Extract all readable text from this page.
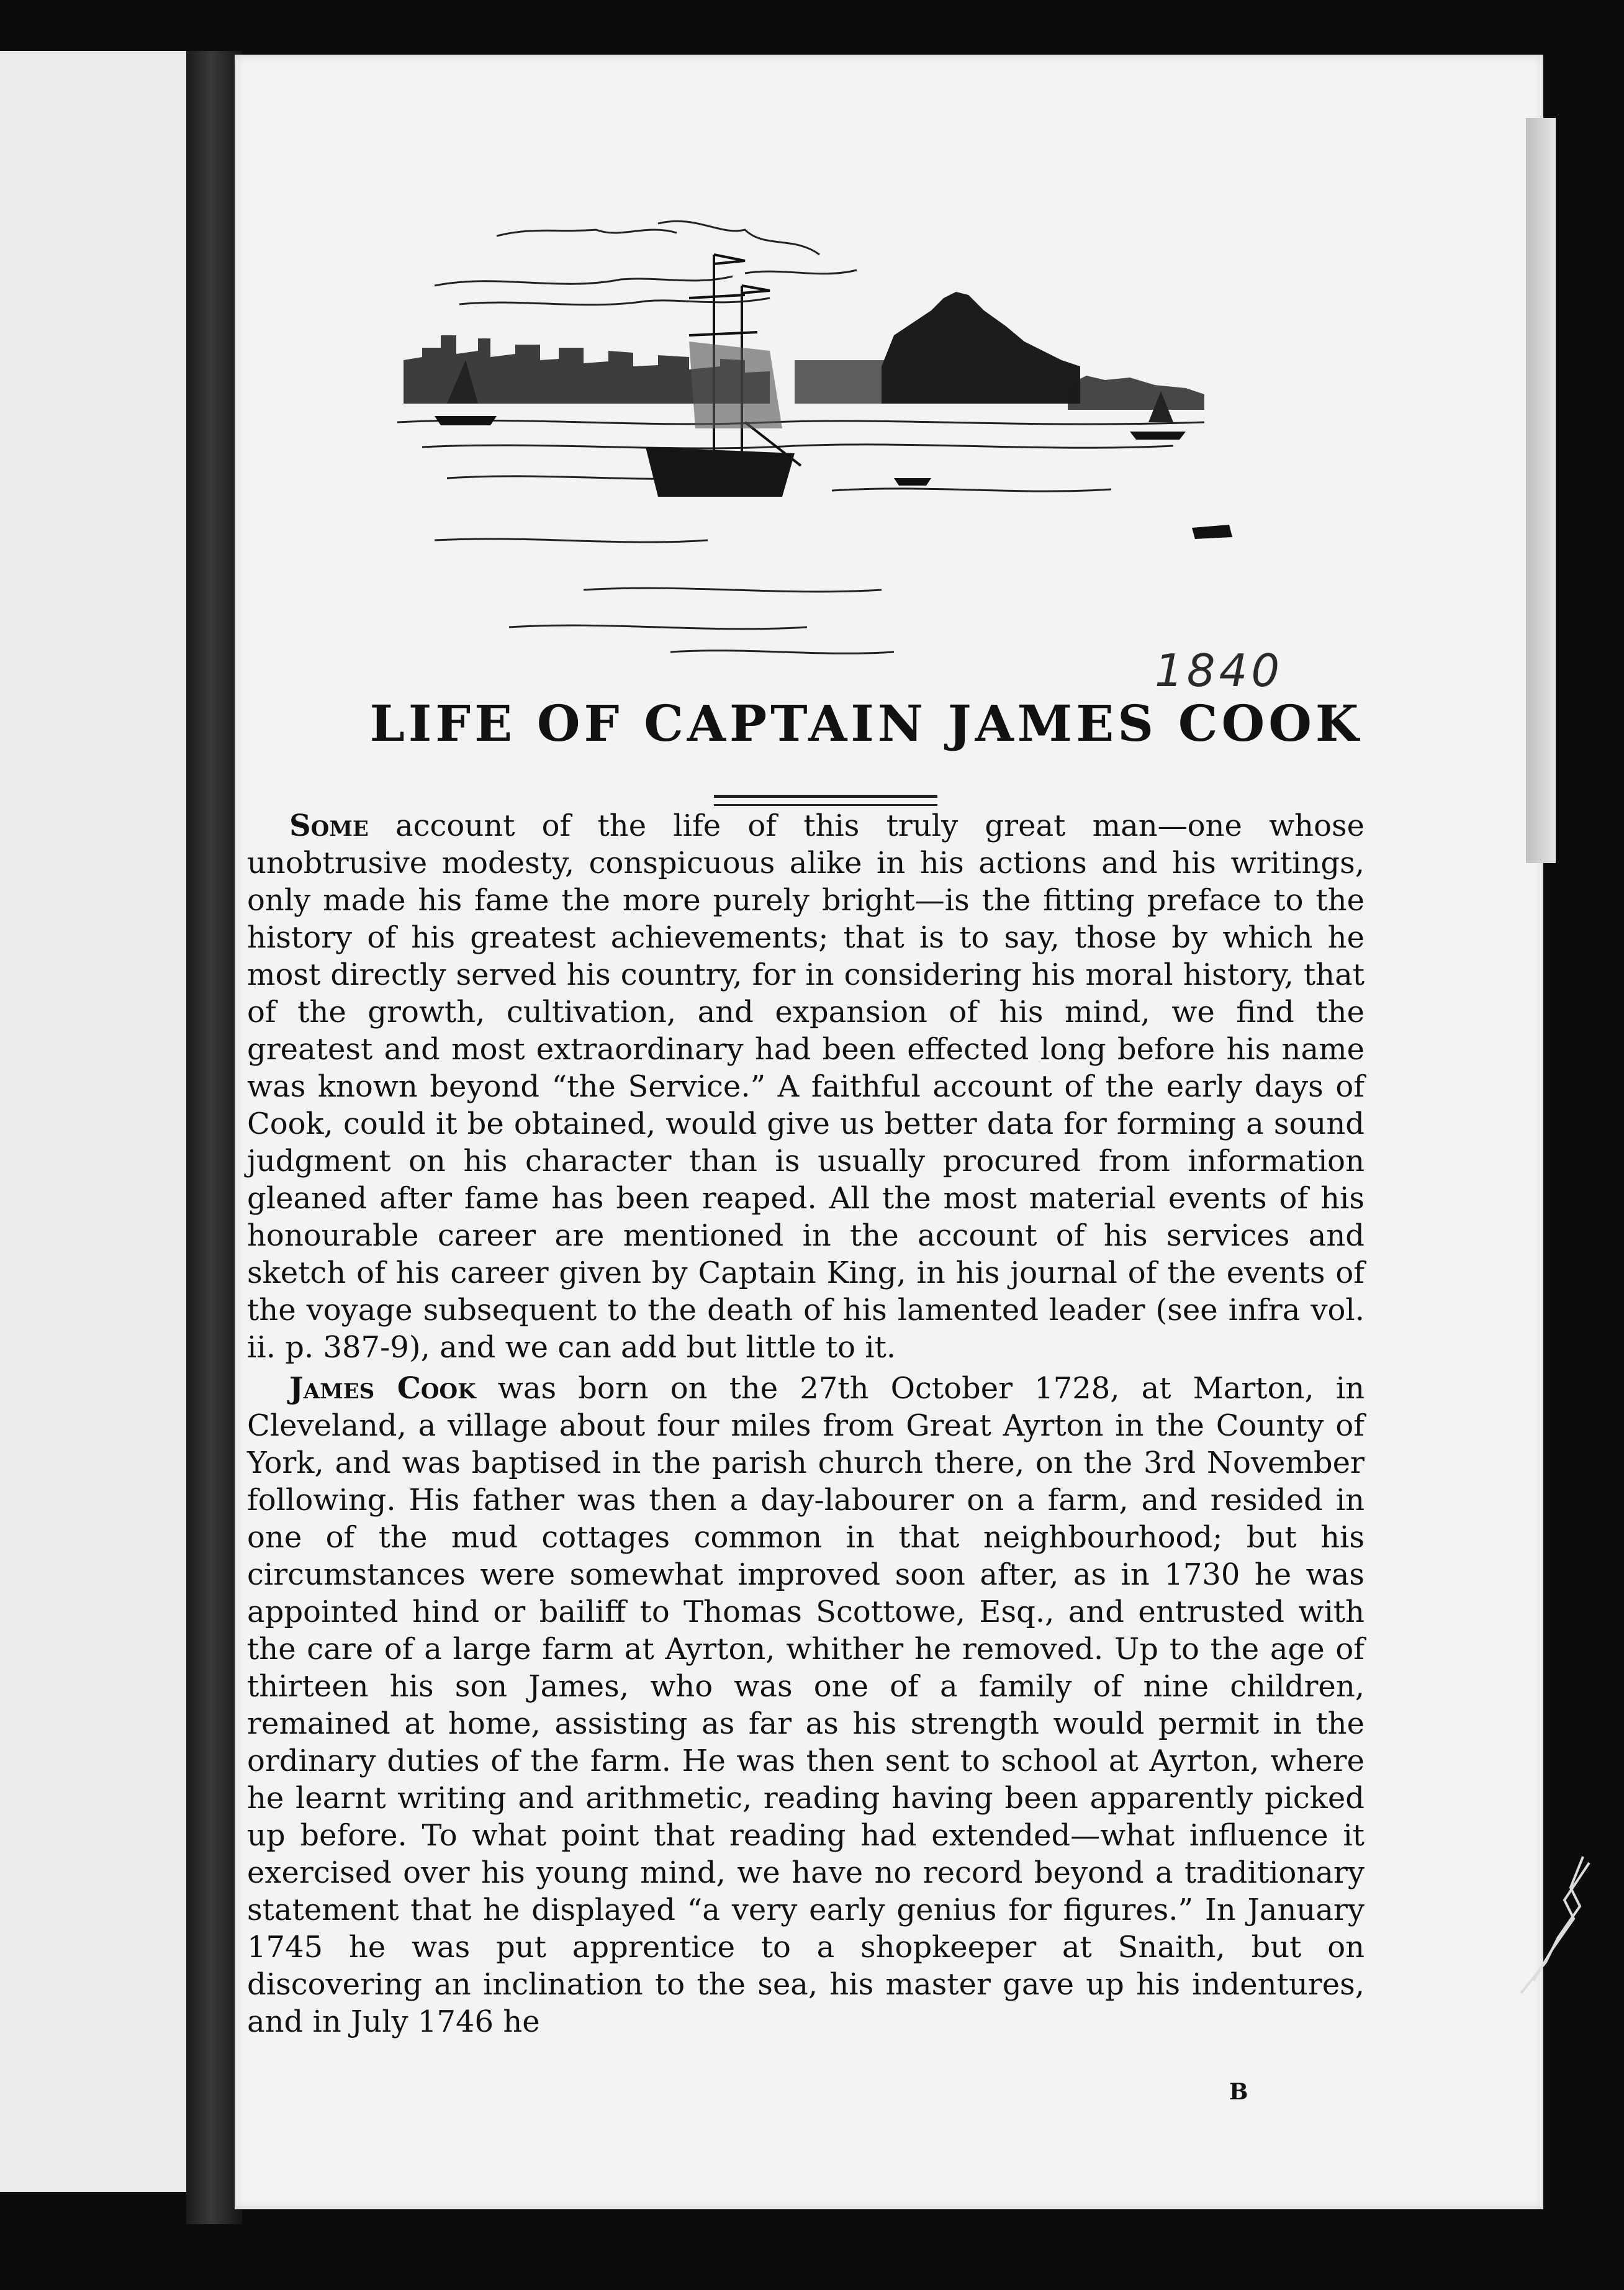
1840
LIFE OF CAPTAIN JAMES COOK

Some account of the life of this truly great man—one whose unobtrusive modesty, conspicuous alike in his actions and his writings, only made his fame the more purely bright—is the fitting preface to the history of his greatest achievements; that is to say, those by which he most directly served his country, for in considering his moral history, that of the growth, cultivation, and expansion of his mind, we find the greatest and most extraordinary had been effected long before his name was known beyond “the Service.” A faithful account of the early days of Cook, could it be obtained, would give us better data for forming a sound judgment on his character than is usually procured from information gleaned after fame has been reaped. All the most material events of his honourable career are mentioned in the account of his services and sketch of his career given by Captain King, in his journal of the events of the voyage subsequent to the death of his lamented leader (see infra vol. ii. p. 387-9), and we can add but little to it.

James Cook was born on the 27th October 1728, at Marton, in Cleveland, a village about four miles from Great Ayrton in the County of York, and was baptised in the parish church there, on the 3rd November following. His father was then a day-labourer on a farm, and resided in one of the mud cottages common in that neighbourhood; but his circumstances were somewhat improved soon after, as in 1730 he was appointed hind or bailiff to Thomas Scottowe, Esq., and entrusted with the care of a large farm at Ayrton, whither he removed. Up to the age of thirteen his son James, who was one of a family of nine children, remained at home, assisting as far as his strength would permit in the ordinary duties of the farm. He was then sent to school at Ayrton, where he learnt writing and arithmetic, reading having been apparently picked up before. To what point that reading had extended—what influence it exercised over his young mind, we have no record beyond a traditionary statement that he displayed “a very early genius for figures.” In January 1745 he was put apprentice to a shopkeeper at Snaith, but on discovering an inclination to the sea, his master gave up his indentures, and in July 1746 he

B
